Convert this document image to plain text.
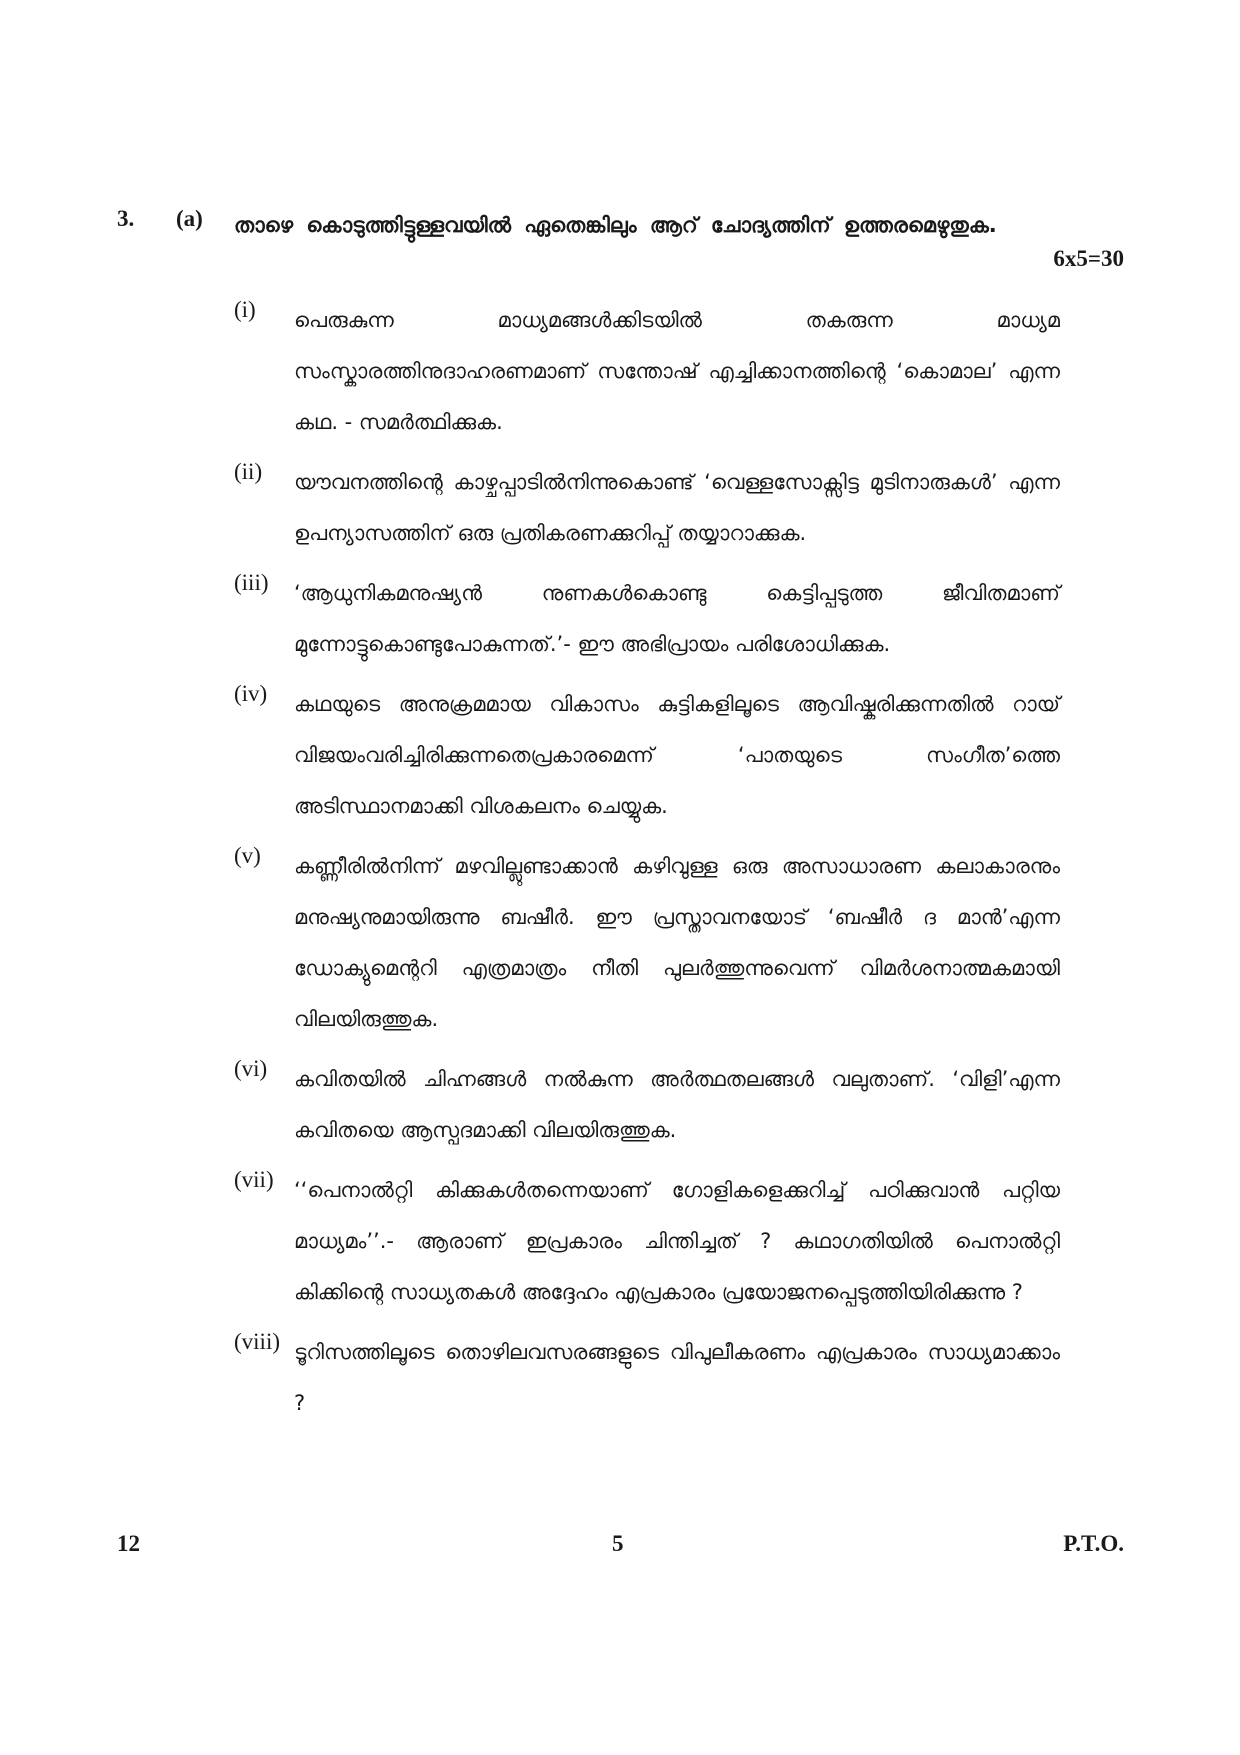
3. (a) താഴെ കൊടുത്തിട്ടുള്ളവയിൽ ഏതെങ്കിലും ആറ് ചോദ്യത്തിന് ഉത്തരമെഴുതുക.
6x5=30
(i) പെരുകുന്ന മാധ്യമങ്ങൾക്കിടയിൽ തകരുന്ന മാധ്യമ സംസ്കാരത്തിനുദാഹരണമാണ് സന്തോഷ് എച്ചിക്കാനത്തിന്റെ ‘കൊമാല’ എന്ന കഥ. - സമർത്ഥിക്കുക.

(ii) യൗവനത്തിന്റെ കാഴ്ചപ്പാടിൽനിന്നുകൊണ്ട് ‘വെള്ളസോക്സിട്ട മുടിനാരുകൾ’ എന്ന ഉപന്യാസത്തിന് ഒരു പ്രതികരണക്കുറിപ്പ് തയ്യാറാക്കുക.

(iii) ‘ആധുനികമനുഷ്യൻ നുണകൾകൊണ്ടു കെട്ടിപ്പടുത്ത ജീവിതമാണ് മുന്നോട്ടുകൊണ്ടുപോകുന്നത്.’- ഈ അഭിപ്രായം പരിശോധിക്കുക.

(iv) കഥയുടെ അനുക്രമമായ വികാസം കുട്ടികളിലൂടെ ആവിഷ്കരിക്കുന്നതിൽ റായ് വിജയംവരിച്ചിരിക്കുന്നതെപ്രകാരമെന്ന് ‘പാതയുടെ സംഗീത’ത്തെ അടിസ്ഥാനമാക്കി വിശകലനം ചെയ്യുക.

(v) കണ്ണീരിൽനിന്ന് മഴവില്ലുണ്ടാക്കാൻ കഴിവുള്ള ഒരു അസാധാരണ കലാകാരനും മനുഷ്യനുമായിരുന്നു ബഷീർ. ഈ പ്രസ്താവനയോട് ‘ബഷീർ ദ മാൻ’എന്ന ഡോക്യുമെന്ററി എത്രമാത്രം നീതി പുലർത്തുന്നുവെന്ന് വിമർശനാത്മകമായി വിലയിരുത്തുക.

(vi) കവിതയിൽ ചിഹ്നങ്ങൾ നൽകുന്ന അർത്ഥതലങ്ങൾ വലുതാണ്. ‘വിളി’എന്ന കവിതയെ ആസ്പദമാക്കി വിലയിരുത്തുക.

(vii) ‘‘പെനാൽറ്റി കിക്കുകൾതന്നെയാണ് ഗോളികളെക്കുറിച്ച് പഠിക്കുവാൻ പറ്റിയ മാധ്യമം’’.- ആരാണ് ഇപ്രകാരം ചിന്തിച്ചത് ? കഥാഗതിയിൽ പെനാൽറ്റി കിക്കിന്റെ സാധ്യതകൾ അദ്ദേഹം എപ്രകാരം പ്രയോജനപ്പെടുത്തിയിരിക്കുന്നു ?

(viii) ടൂറിസത്തിലൂടെ തൊഴിലവസരങ്ങളുടെ വിപുലീകരണം എപ്രകാരം സാധ്യമാക്കാം ?

12	5	P.T.O.
